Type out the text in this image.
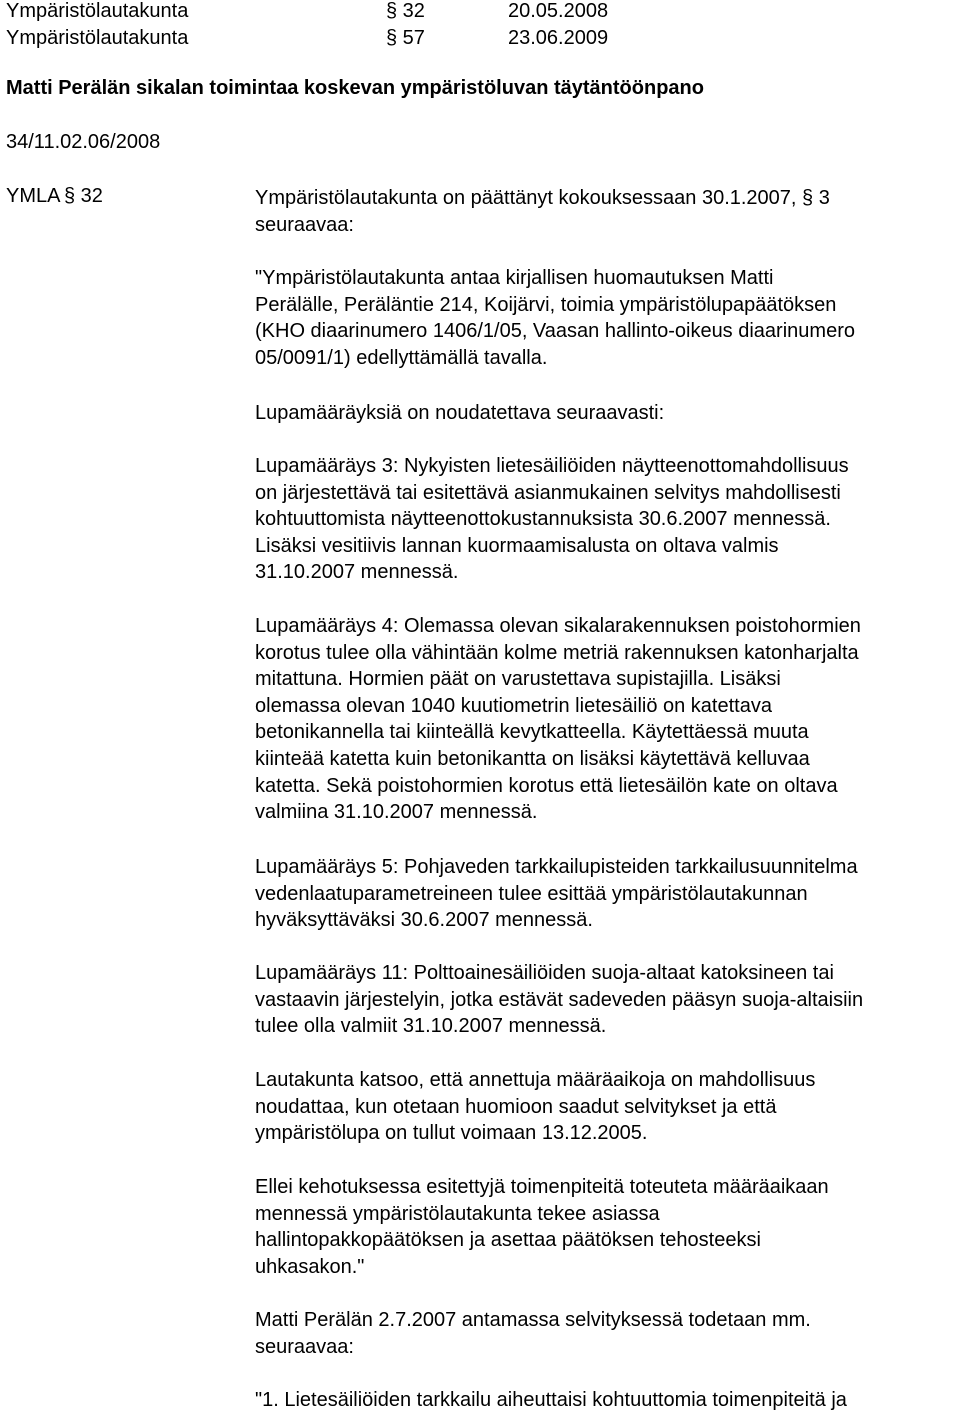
Ympäristölautakunta	§ 32	20.05.2008
Ympäristölautakunta	§ 57	23.06.2009
Matti Perälän sikalan toimintaa koskevan ympäristöluvan täytäntöönpano
34/11.02.06/2008
YMLA § 32	Ympäristölautakunta on päättänyt kokouksessaan 30.1.2007, § 3
seuraavaa:
"Ympäristölautakunta antaa kirjallisen huomautuksen Matti
Perälälle, Peräläntie 214, Koijärvi, toimia ympäristölupapäätöksen
(KHO diaarinumero 1406/1/05, Vaasan hallinto-oikeus diaarinumero
05/0091/1) edellyttämällä tavalla.
Lupamääräyksiä on noudatettava seuraavasti:
Lupamääräys 3: Nykyisten lietesäiliöiden näytteenottomahdollisuus
on järjestettävä tai esitettävä asianmukainen selvitys mahdollisesti
kohtuuttomista näytteenottokustannuksista 30.6.2007 mennessä.
Lisäksi vesitiivis lannan kuormaamisalusta on oltava valmis
31.10.2007 mennessä.
Lupamääräys 4: Olemassa olevan sikalarakennuksen poistohormien
korotus tulee olla vähintään kolme metriä rakennuksen katonharjalta
mitattuna. Hormien päät on varustettava supistajilla. Lisäksi
olemassa olevan 1040 kuutiometrin lietesäiliö on katettava
betonikannella tai kiinteällä kevytkatteella. Käytettäessä muuta
kiinteää katetta kuin betonikantta on lisäksi käytettävä kelluvaa
katetta. Sekä poistohormien korotus että lietesäilön kate on oltava
valmiina 31.10.2007 mennessä.
Lupamääräys 5: Pohjaveden tarkkailupisteiden tarkkailusuunnitelma
vedenlaatuparametreineen tulee esittää ympäristölautakunnan
hyväksyttäväksi 30.6.2007 mennessä.
Lupamääräys 11: Polttoainesäiliöiden suoja-altaat katoksineen tai
vastaavin järjestelyin, jotka estävät sadeveden pääsyn suoja-altaisiin
tulee olla valmiit 31.10.2007 mennessä.
Lautakunta katsoo, että annettuja määräaikoja on mahdollisuus
noudattaa, kun otetaan huomioon saadut selvitykset ja että
ympäristölupa on tullut voimaan 13.12.2005.
Ellei kehotuksessa esitettyjä toimenpiteitä toteuteta määräaikaan
mennessä ympäristölautakunta tekee asiassa
hallintopakkopäätöksen ja asettaa päätöksen tehosteeksi
uhkasakon."
Matti Perälän 2.7.2007 antamassa selvityksessä todetaan mm.
seuraavaa:
"1. Lietesäiliöiden tarkkailu aiheuttaisi kohtuuttomia toimenpiteitä ja
